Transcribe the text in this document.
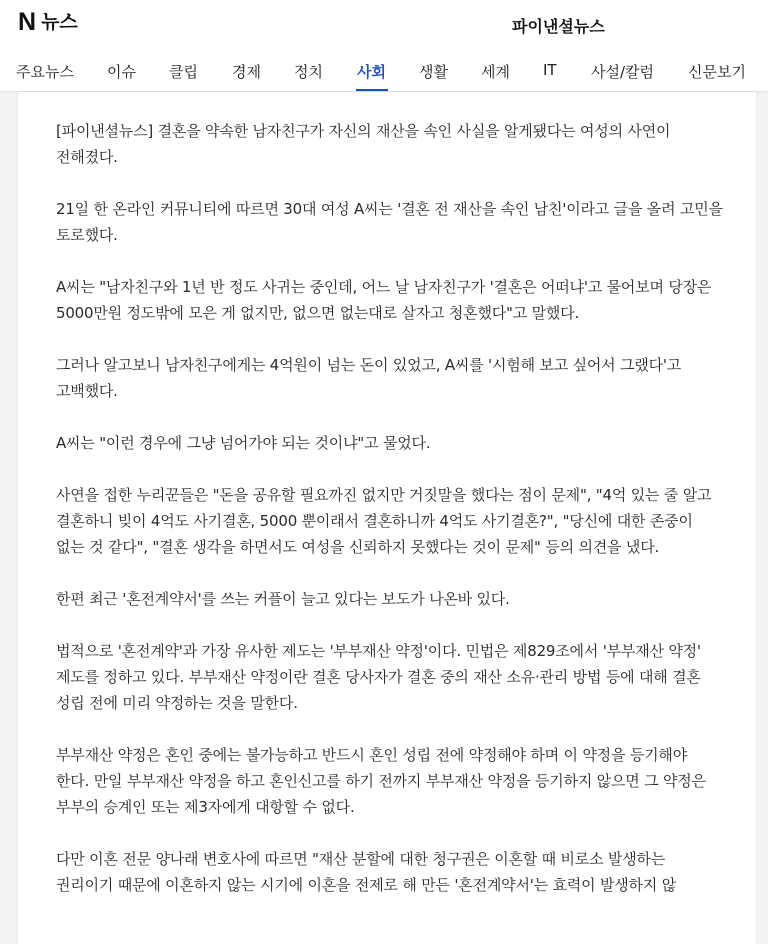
N 뉴스	파이낸셜뉴스
주요뉴스 이슈 클립 경제 정치 사회 생활 세계 IT 사설/칼럼 신문보기

[파이낸셜뉴스] 결혼을 약속한 남자친구가 자신의 재산을 속인 사실을 알게됐다는 여성의 사연이 전해졌다.

21일 한 온라인 커뮤니티에 따르면 30대 여성 A씨는 '결혼 전 재산을 속인 남친'이라고 글을 올려 고민을 토로했다.

A씨는 "남자친구와 1년 반 정도 사귀는 중인데, 어느 날 남자친구가 '결혼은 어떠냐'고 물어보며 당장은 5000만원 정도밖에 모은 게 없지만, 없으면 없는대로 살자고 청혼했다"고 말했다.

그러나 알고보니 남자친구에게는 4억원이 넘는 돈이 있었고, A씨를 '시험해 보고 싶어서 그랬다'고 고백했다.

A씨는 "이런 경우에 그냥 넘어가야 되는 것이냐"고 물었다.

사연을 접한 누리꾼들은 "돈을 공유할 필요까진 없지만 거짓말을 했다는 점이 문제", "4억 있는 줄 알고 결혼하니 빚이 4억도 사기결혼, 5000 뿐이래서 결혼하니까 4억도 사기결혼?", "당신에 대한 존중이 없는 것 같다", "결혼 생각을 하면서도 여성을 신뢰하지 못했다는 것이 문제" 등의 의견을 냈다.

한편 최근 '혼전계약서'를 쓰는 커플이 늘고 있다는 보도가 나온바 있다.

법적으로 '혼전계약'과 가장 유사한 제도는 '부부재산 약정'이다. 민법은 제829조에서 '부부재산 약정' 제도를 정하고 있다. 부부재산 약정이란 결혼 당사자가 결혼 중의 재산 소유·관리 방법 등에 대해 결혼 성립 전에 미리 약정하는 것을 말한다.

부부재산 약정은 혼인 중에는 불가능하고 반드시 혼인 성립 전에 약정해야 하며 이 약정을 등기해야 한다. 만일 부부재산 약정을 하고 혼인신고를 하기 전까지 부부재산 약정을 등기하지 않으면 그 약정은 부부의 승계인 또는 제3자에게 대항할 수 없다.

다만 이혼 전문 양나래 변호사에 따르면 "재산 분할에 대한 청구권은 이혼할 때 비로소 발생하는 권리이기 때문에 이혼하지 않는 시기에 이혼을 전제로 해 만든 '혼전계약서'는 효력이 발생하지 않
